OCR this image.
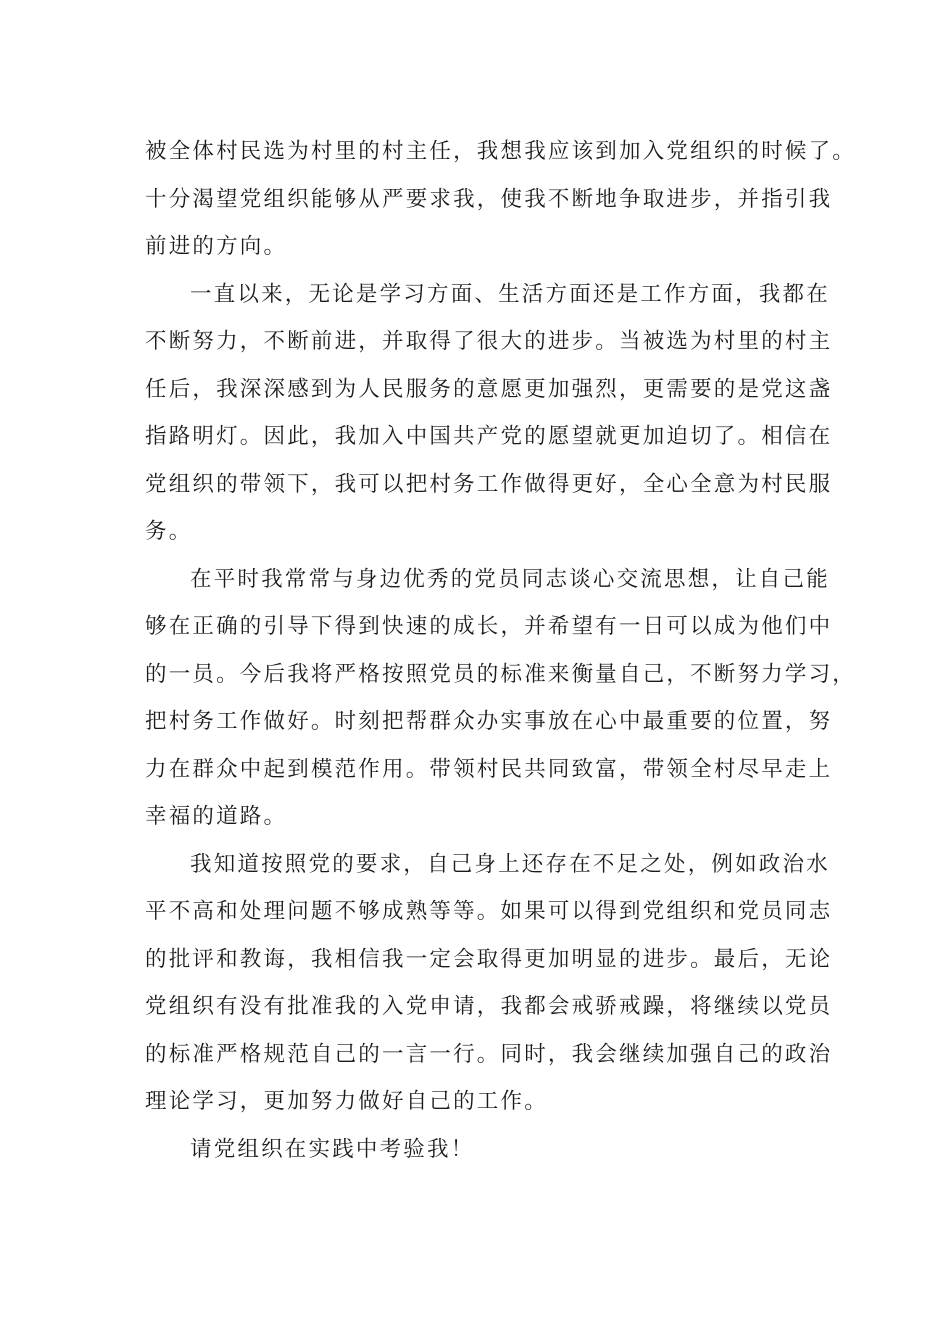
被全体村民选为村里的村主任，我想我应该到加入党组织的时候了。
十分渴望党组织能够从严要求我，使我不断地争取进步，并指引我
前进的方向。
一直以来，无论是学习方面、生活方面还是工作方面，我都在
不断努力，不断前进，并取得了很大的进步。当被选为村里的村主
任后，我深深感到为人民服务的意愿更加强烈，更需要的是党这盏
指路明灯。因此，我加入中国共产党的愿望就更加迫切了。相信在
党组织的带领下，我可以把村务工作做得更好，全心全意为村民服
务。
在平时我常常与身边优秀的党员同志谈心交流思想，让自己能
够在正确的引导下得到快速的成长，并希望有一日可以成为他们中
的一员。今后我将严格按照党员的标准来衡量自己，不断努力学习，
把村务工作做好。时刻把帮群众办实事放在心中最重要的位置，努
力在群众中起到模范作用。带领村民共同致富，带领全村尽早走上
幸福的道路。
我知道按照党的要求，自己身上还存在不足之处，例如政治水
平不高和处理问题不够成熟等等。如果可以得到党组织和党员同志
的批评和教诲，我相信我一定会取得更加明显的进步。最后，无论
党组织有没有批准我的入党申请，我都会戒骄戒躁，将继续以党员
的标准严格规范自己的一言一行。同时，我会继续加强自己的政治
理论学习，更加努力做好自己的工作。
请党组织在实践中考验我！
